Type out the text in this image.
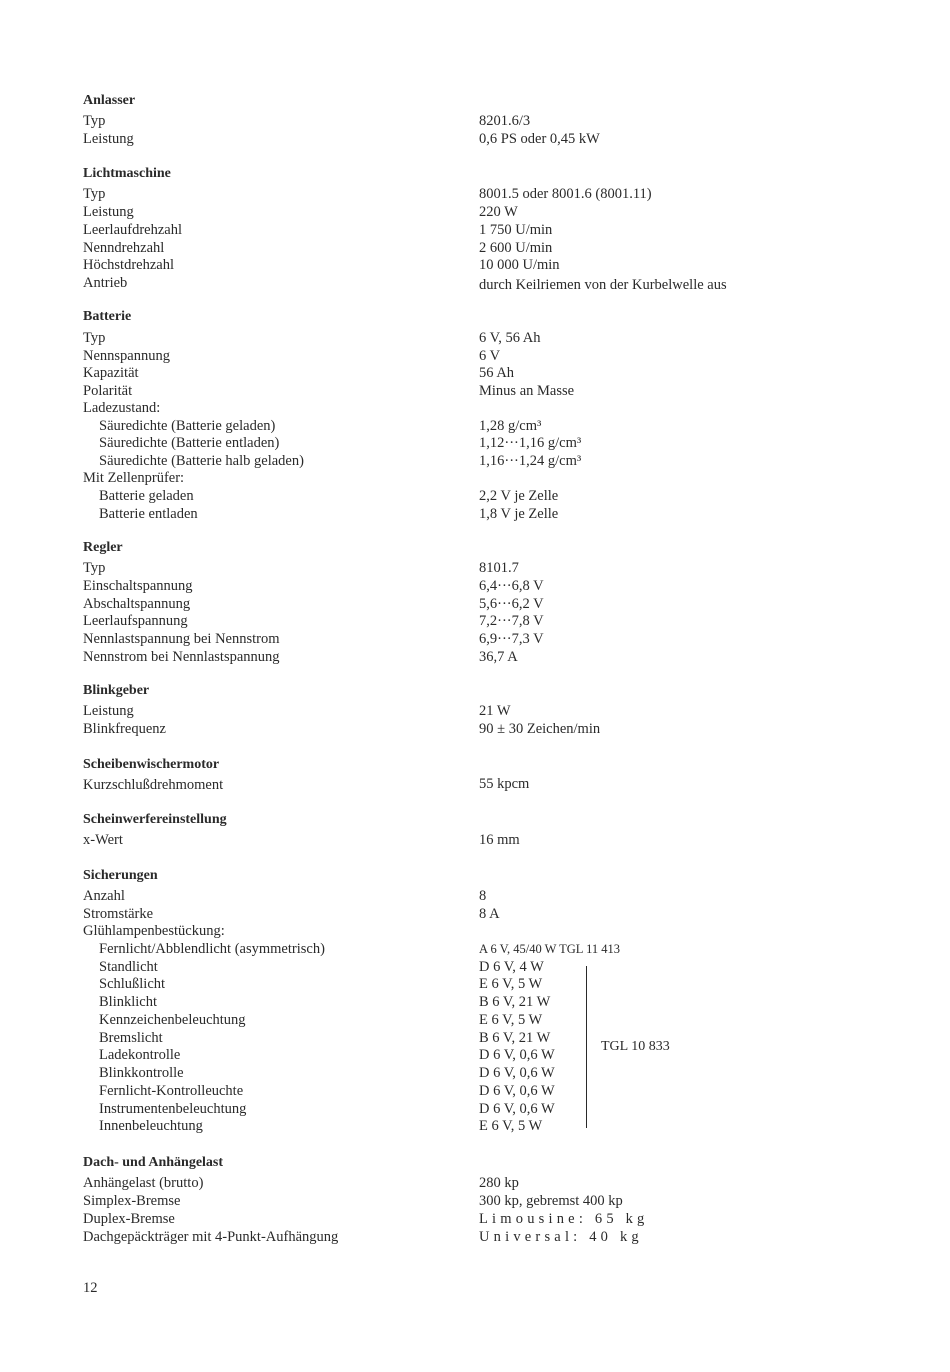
Anlasser
Typ	8201.6/3
Leistung	0,6 PS oder 0,45 kW
Lichtmaschine
Typ	8001.5 oder 8001.6 (8001.11)
Leistung	220 W
Leerlaufdrehzahl	1 750 U/min
Nenndrehzahl	2 600 U/min
Höchstdrehzahl	10 000 U/min
Antrieb	durch Keilriemen von der Kurbelwelle aus
Batterie
Typ	6 V, 56 Ah
Nennspannung	6 V
Kapazität	56 Ah
Polarität	Minus an Masse
Ladezustand:
Säuredichte (Batterie geladen)	1,28 g/cm³
Säuredichte (Batterie entladen)	1,12···1,16 g/cm³
Säuredichte (Batterie halb geladen)	1,16···1,24 g/cm³
Mit Zellenprüfer:
Batterie geladen	2,2 V je Zelle
Batterie entladen	1,8 V je Zelle
Regler
Typ	8101.7
Einschaltspannung	6,4···6,8 V
Abschaltspannung	5,6···6,2 V
Leerlaufspannung	7,2···7,8 V
Nennlastspannung bei Nennstrom	6,9···7,3 V
Nennstrom bei Nennlastspannung	36,7 A
Blinkgeber
Leistung	21 W
Blinkfrequenz	90 ± 30 Zeichen/min
Scheibenwischermotor
Kurzschlußdrehmoment	55 kpcm
Scheinwerfereinstellung
x-Wert	16 mm
Sicherungen
Anzahl	8
Stromstärke	8 A
Glühlampenbestückung:
Fernlicht/Abblendlicht (asymmetrisch)	A 6 V, 45/40 W TGL 11 413
Standlicht	D 6 V, 4 W
Schlußlicht	E 6 V, 5 W
Blinklicht	B 6 V, 21 W
Kennzeichenbeleuchtung	E 6 V, 5 W
Bremslicht	B 6 V, 21 W
Ladekontrolle	D 6 V, 0,6 W
Blinkkontrolle	D 6 V, 0,6 W
Fernlicht-Kontrolleuchte	D 6 V, 0,6 W
Instrumentenbeleuchtung	D 6 V, 0,6 W
Innenbeleuchtung	E 6 V, 5 W
TGL 10 833
Dach- und Anhängelast
Anhängelast (brutto)	280 kp
Simplex-Bremse	300 kp, gebremst 400 kp
Duplex-Bremse	Limousine: 65 kg
Dachgepäckträger mit 4-Punkt-Aufhängung	Universal: 40 kg
12
